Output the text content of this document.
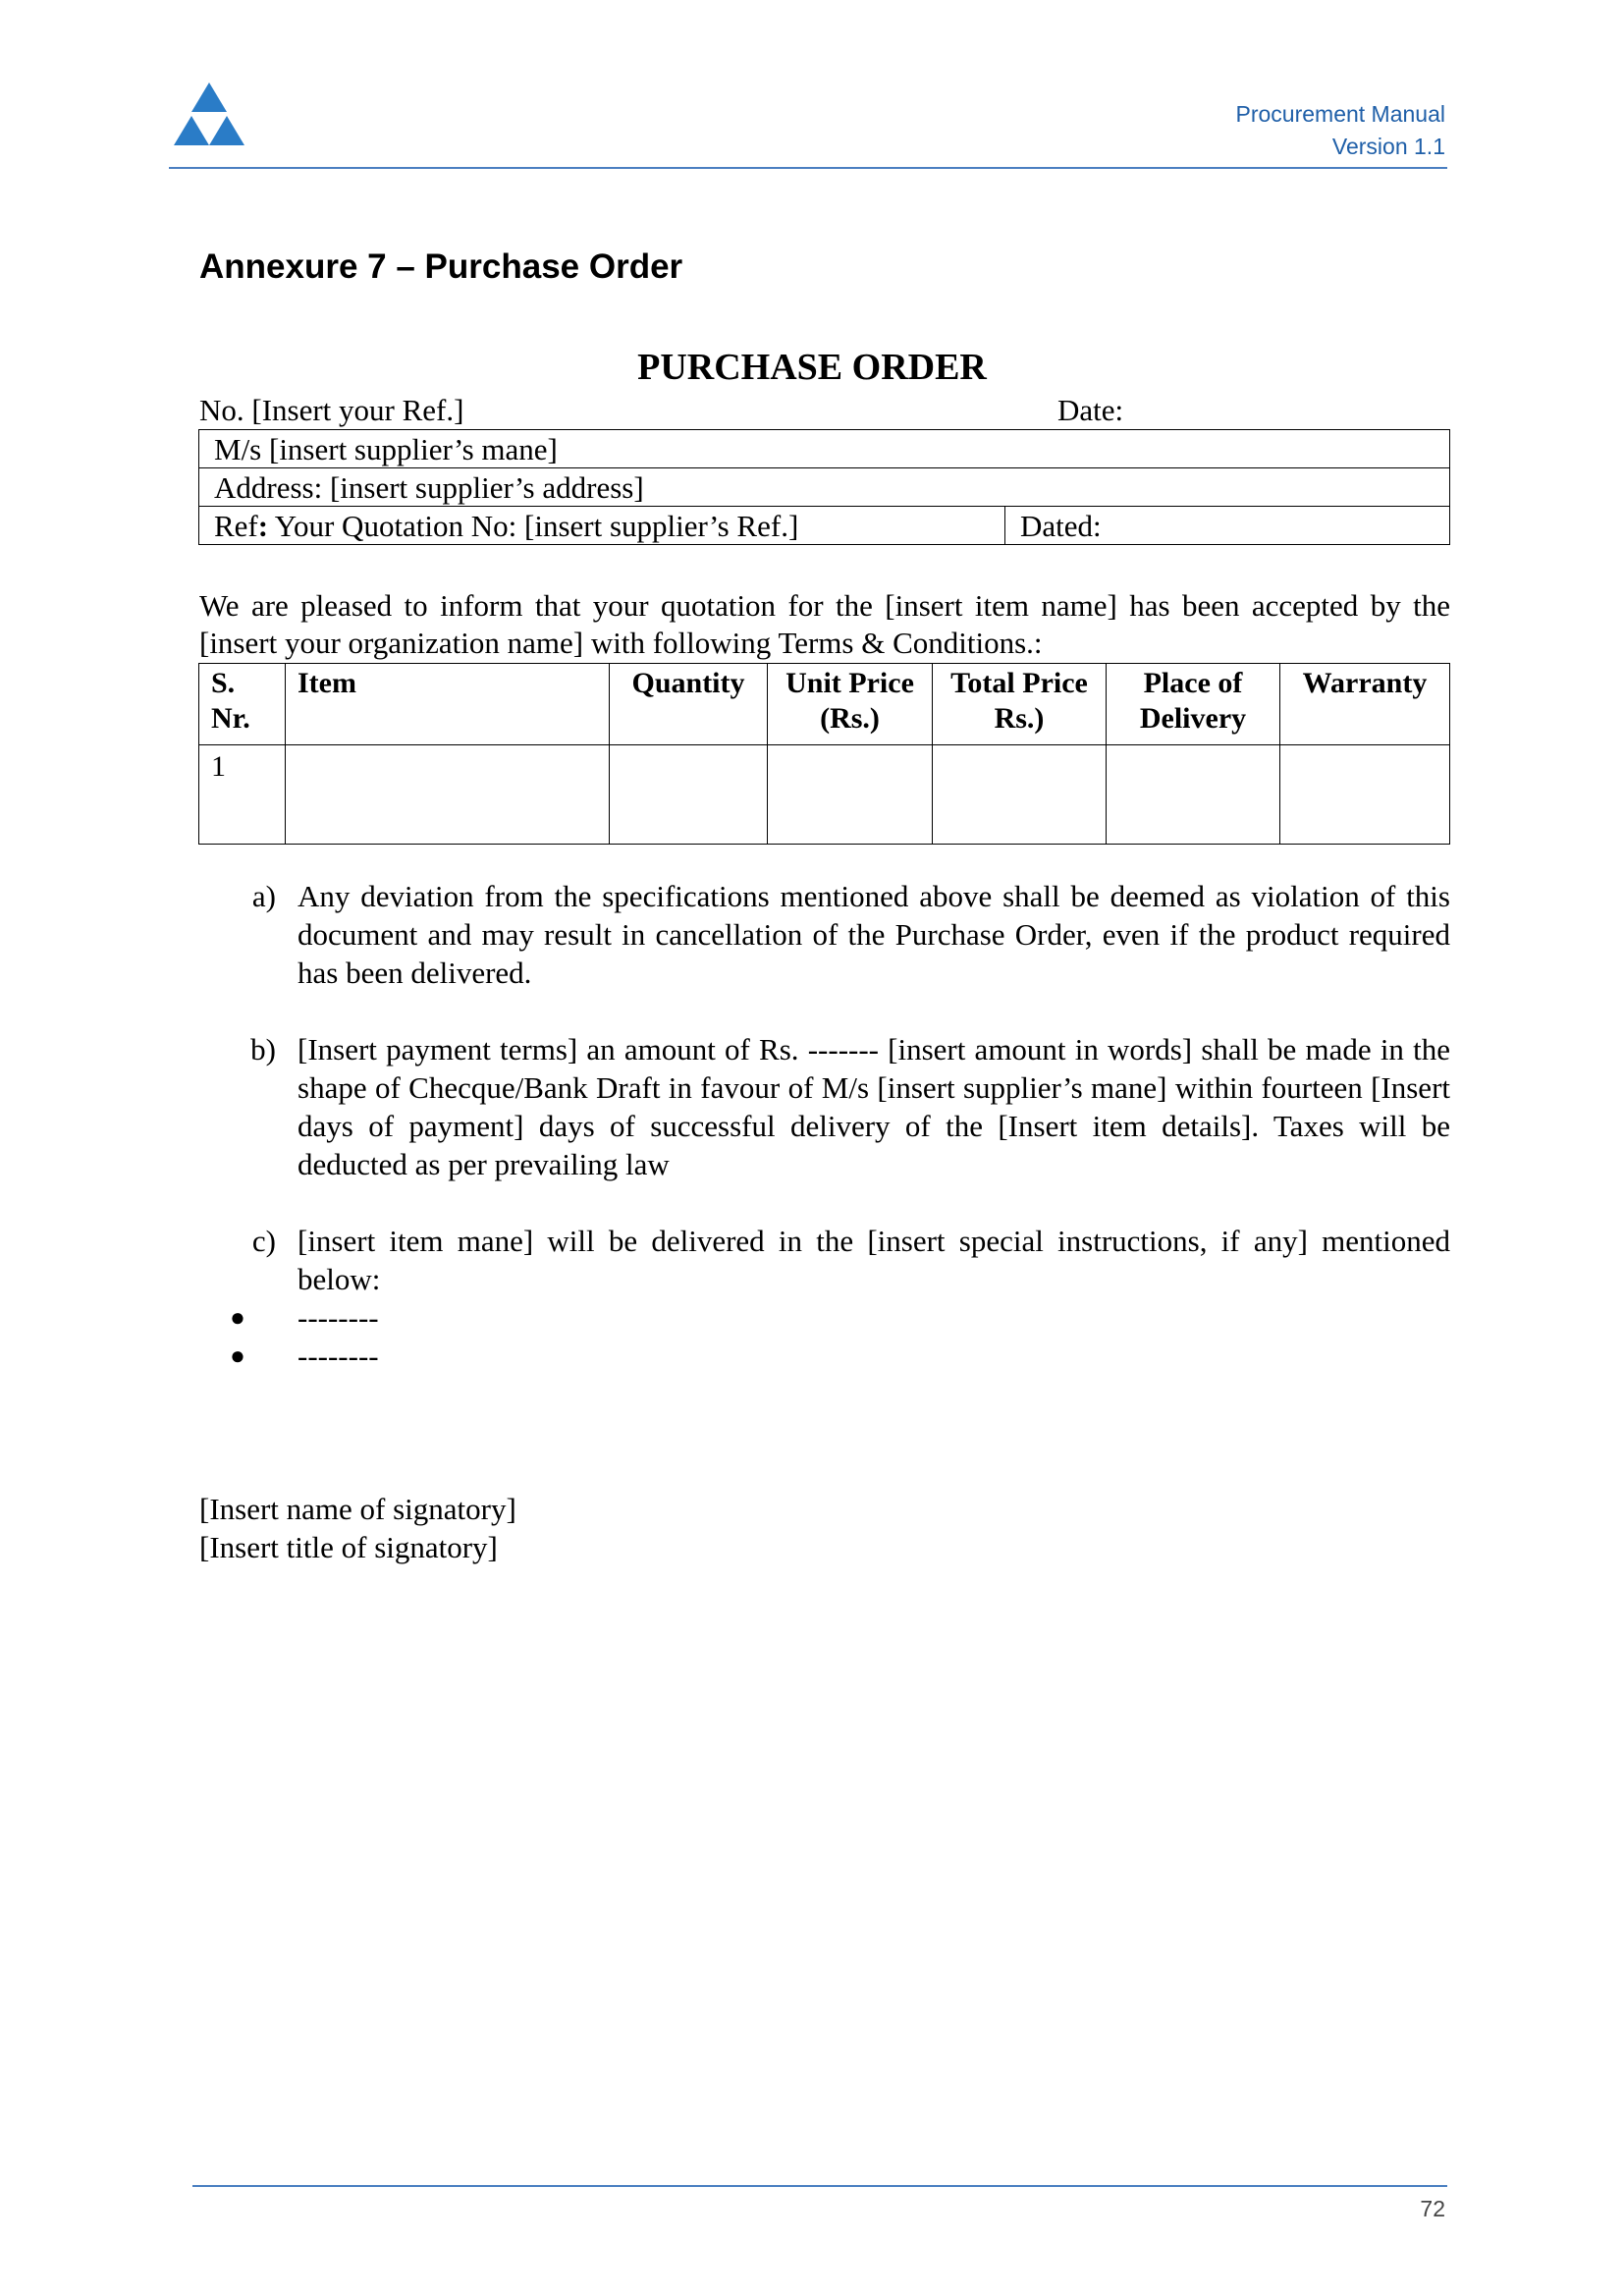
Procurement Manual
Version 1.1
Annexure 7 – Purchase Order
PURCHASE ORDER
No. [Insert your Ref.]	Date:
M/s [insert supplier’s mane]
Address: [insert supplier’s address]
Ref: Your Quotation No: [insert supplier’s Ref.]	Dated:

We are pleased to inform that your quotation for the [insert item name] has been accepted by the [insert your organization name] with following Terms & Conditions.:

S. Nr.	Item	Quantity	Unit Price (Rs.)	Total Price Rs.)	Place of Delivery	Warranty
1						
a) Any deviation from the specifications mentioned above shall be deemed as violation of this document and may result in cancellation of the Purchase Order, even if the product required has been delivered.
b) [Insert payment terms] an amount of Rs. ------- [insert amount in words] shall be made in the shape of Checque/Bank Draft in favour of M/s [insert supplier’s mane] within fourteen [Insert days of payment] days of successful delivery of the [Insert item details]. Taxes will be deducted as per prevailing law
c) [insert item mane] will be delivered in the [insert special instructions, if any] mentioned below:
●	--------
●	--------
[Insert name of signatory]
[Insert title of signatory]
72
